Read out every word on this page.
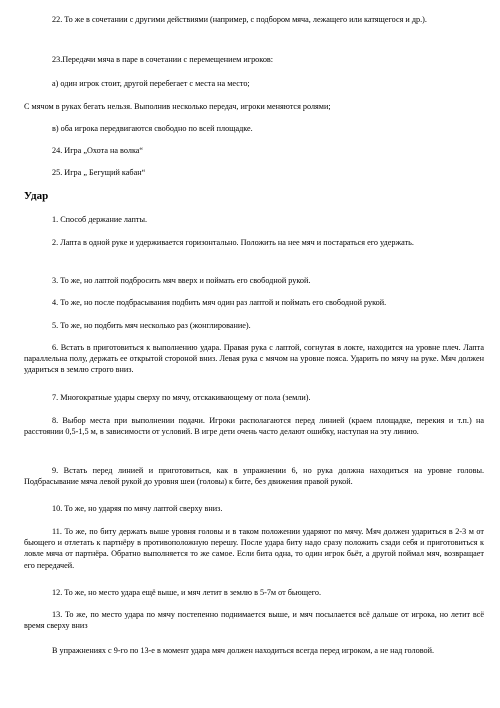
22. То же в сочетании с другими действиями (например, с подбором мяча, лежащего или катящегося и др.).

23.Передачи мяча в паре в сочетании с перемещением игроков:

а) один игрок стоит, другой перебегает с места на место;

С мячом в руках бегать нельзя. Выполнив несколько передач, игроки меняются ролями;

в) оба игрока передвигаются свободно по всей площадке.

24. Игра „Охота на волка“

25. Игра „ Бегущий кабан“

Удар

1. Способ держание лапты.

2. Лапта в одной руке и удерживается горизонтально. Положить на нее мяч и постараться его удержать.

3. То же, но лаптой подбросить мяч вверх и поймать его свободной рукой.

4. То же, но после подбрасывания подбить мяч один раз лаптой и поймать его свободной рукой.

5. То же, но подбить мяч несколько раз (жонглирование).

6. Встать в приготовиться к выполнению удара. Правая рука с лаптой, согнутая в локте, находится на уровне плеч. Лапта параллельна полу, держать ее открытой стороной вниз. Левая рука с мячом на уровне пояса. Ударить по мячу на руке. Мяч должен удариться в землю строго вниз.

7. Многократные удары сверху по мячу, отскакивающему от пола (земли).

8. Выбор места при выполнении подачи. Игроки располагаются перед линией (краем площадке, перекия и т.п.) на расстоянии 0,5-1,5 м, в зависимости от условий. В игре дети очень часто делают ошибку, наступая на эту линию.

9. Встать перед линией и приготовиться, как в упражнении 6, но рука должна находиться на уровне головы. Подбрасывание мяча левой рукой до уровня шеи (головы) к бите, без движения правой рукой.

10. То же, но ударяя по мячу лаптой сверху вниз.

11. То же, по биту держать выше уровня головы и в таком положении ударяют по мячу. Мяч должен удариться в 2-3 м от бьющего и отлетать к партнёру в противоположную перешу. После удара биту надо сразу положить сзади себя и приготовиться к ловле мяча от партнёра. Обратно выполняется то же самое. Если бита одна, то один игрок бьёт, а другой поймал мяч, возвращает его передачей.

12. То же, но место удара ещё выше, и мяч летит в землю в 5-7м от бьющего.

13. То же, по место удара по мячу постепенно поднимается выше, и мяч посылается всё дальше от игрока, но летит всё время сверху вниз

В упражнениях с 9-го по 13-е в момент удара мяч должен находиться всегда перед игроком, а не над головой.
